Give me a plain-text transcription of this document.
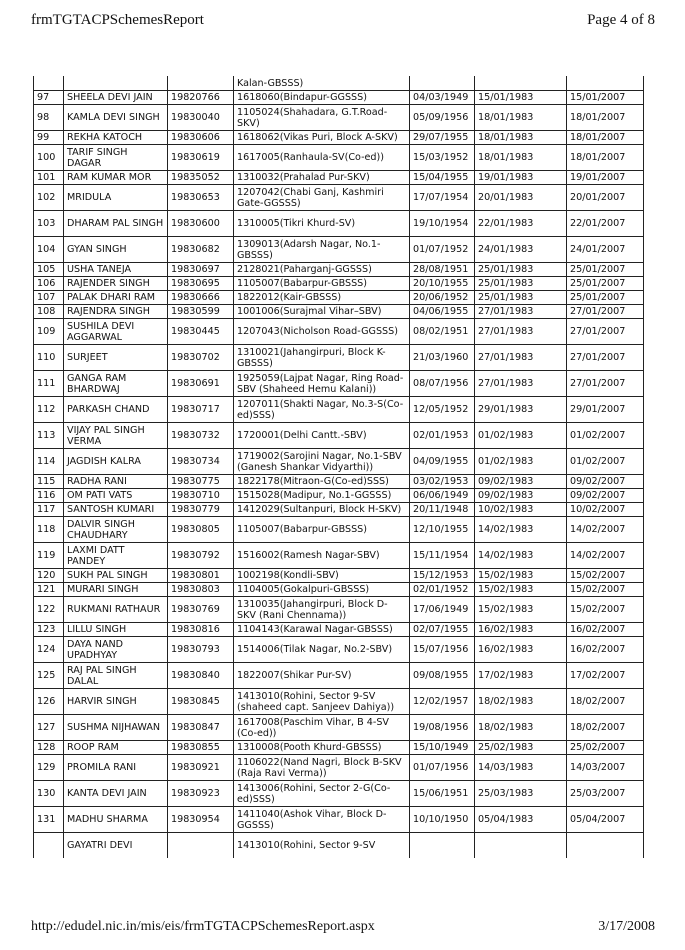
frmTGTACPSchemesReport	Page 4 of 8
			Kalan-GBSSS)			
97	SHEELA DEVI JAIN	19820766	1618060(Bindapur-GGSSS)	04/03/1949	15/01/1983	15/01/2007
98	KAMLA DEVI SINGH	19830040	1105024(Shahadara, G.T.Road-SKV)	05/09/1956	18/01/1983	18/01/2007
99	REKHA KATOCH	19830606	1618062(Vikas Puri, Block A-SKV)	29/07/1955	18/01/1983	18/01/2007
100	TARIF SINGH DAGAR	19830619	1617005(Ranhaula-SV(Co-ed))	15/03/1952	18/01/1983	18/01/2007
101	RAM KUMAR MOR	19835052	1310032(Prahalad Pur-SKV)	15/04/1955	19/01/1983	19/01/2007
102	MRIDULA	19830653	1207042(Chabi Ganj, Kashmiri Gate-GGSSS)	17/07/1954	20/01/1983	20/01/2007
103	DHARAM PAL SINGH	19830600	1310005(Tikri Khurd-SV)	19/10/1954	22/01/1983	22/01/2007
104	GYAN SINGH	19830682	1309013(Adarsh Nagar, No.1-GBSSS)	01/07/1952	24/01/1983	24/01/2007
105	USHA TANEJA	19830697	2128021(Paharganj-GGSSS)	28/08/1951	25/01/1983	25/01/2007
106	RAJENDER SINGH	19830695	1105007(Babarpur-GBSSS)	20/10/1955	25/01/1983	25/01/2007
107	PALAK DHARI RAM	19830666	1822012(Kair-GBSSS)	20/06/1952	25/01/1983	25/01/2007
108	RAJENDRA SINGH	19830599	1001006(Surajmal Vihar–SBV)	04/06/1955	27/01/1983	27/01/2007
109	SUSHILA DEVI AGGARWAL	19830445	1207043(Nicholson Road-GGSSS)	08/02/1951	27/01/1983	27/01/2007
110	SURJEET	19830702	1310021(Jahangirpuri, Block K-GBSSS)	21/03/1960	27/01/1983	27/01/2007
111	GANGA RAM BHARDWAJ	19830691	1925059(Lajpat Nagar, Ring Road-SBV (Shaheed Hemu Kalani))	08/07/1956	27/01/1983	27/01/2007
112	PARKASH CHAND	19830717	1207011(Shakti Nagar, No.3-S(Co-ed)SSS)	12/05/1952	29/01/1983	29/01/2007
113	VIJAY PAL SINGH VERMA	19830732	1720001(Delhi Cantt.-SBV)	02/01/1953	01/02/1983	01/02/2007
114	JAGDISH KALRA	19830734	1719002(Sarojini Nagar, No.1-SBV (Ganesh Shankar Vidyarthi))	04/09/1955	01/02/1983	01/02/2007
115	RADHA RANI	19830775	1822178(Mitraon-G(Co-ed)SSS)	03/02/1953	09/02/1983	09/02/2007
116	OM PATI VATS	19830710	1515028(Madipur, No.1-GGSSS)	06/06/1949	09/02/1983	09/02/2007
117	SANTOSH KUMARI	19830779	1412029(Sultanpuri, Block H-SKV)	20/11/1948	10/02/1983	10/02/2007
118	DALVIR SINGH CHAUDHARY	19830805	1105007(Babarpur-GBSSS)	12/10/1955	14/02/1983	14/02/2007
119	LAXMI DATT PANDEY	19830792	1516002(Ramesh Nagar-SBV)	15/11/1954	14/02/1983	14/02/2007
120	SUKH PAL SINGH	19830801	1002198(Kondli-SBV)	15/12/1953	15/02/1983	15/02/2007
121	MURARI SINGH	19830803	1104005(Gokalpuri-GBSSS)	02/01/1952	15/02/1983	15/02/2007
122	RUKMANI RATHAUR	19830769	1310035(Jahangirpuri, Block D-SKV (Rani Chennama))	17/06/1949	15/02/1983	15/02/2007
123	LILLU SINGH	19830816	1104143(Karawal Nagar-GBSSS)	02/07/1955	16/02/1983	16/02/2007
124	DAYA NAND UPADHYAY	19830793	1514006(Tilak Nagar, No.2-SBV)	15/07/1956	16/02/1983	16/02/2007
125	RAJ PAL SINGH DALAL	19830840	1822007(Shikar Pur-SV)	09/08/1955	17/02/1983	17/02/2007
126	HARVIR SINGH	19830845	1413010(Rohini, Sector 9-SV (shaheed capt. Sanjeev Dahiya))	12/02/1957	18/02/1983	18/02/2007
127	SUSHMA NIJHAWAN	19830847	1617008(Paschim Vihar, B 4-SV (Co-ed))	19/08/1956	18/02/1983	18/02/2007
128	ROOP RAM	19830855	1310008(Pooth Khurd-GBSSS)	15/10/1949	25/02/1983	25/02/2007
129	PROMILA RANI	19830921	1106022(Nand Nagri, Block B-SKV (Raja Ravi Verma))	01/07/1956	14/03/1983	14/03/2007
130	KANTA DEVI JAIN	19830923	1413006(Rohini, Sector 2-G(Co-ed)SSS)	15/06/1951	25/03/1983	25/03/2007
131	MADHU SHARMA	19830954	1411040(Ashok Vihar, Block D-GGSSS)	10/10/1950	05/04/1983	05/04/2007
	GAYATRI DEVI		1413010(Rohini, Sector 9-SV			
http://edudel.nic.in/mis/eis/frmTGTACPSchemesReport.aspx	3/17/2008
